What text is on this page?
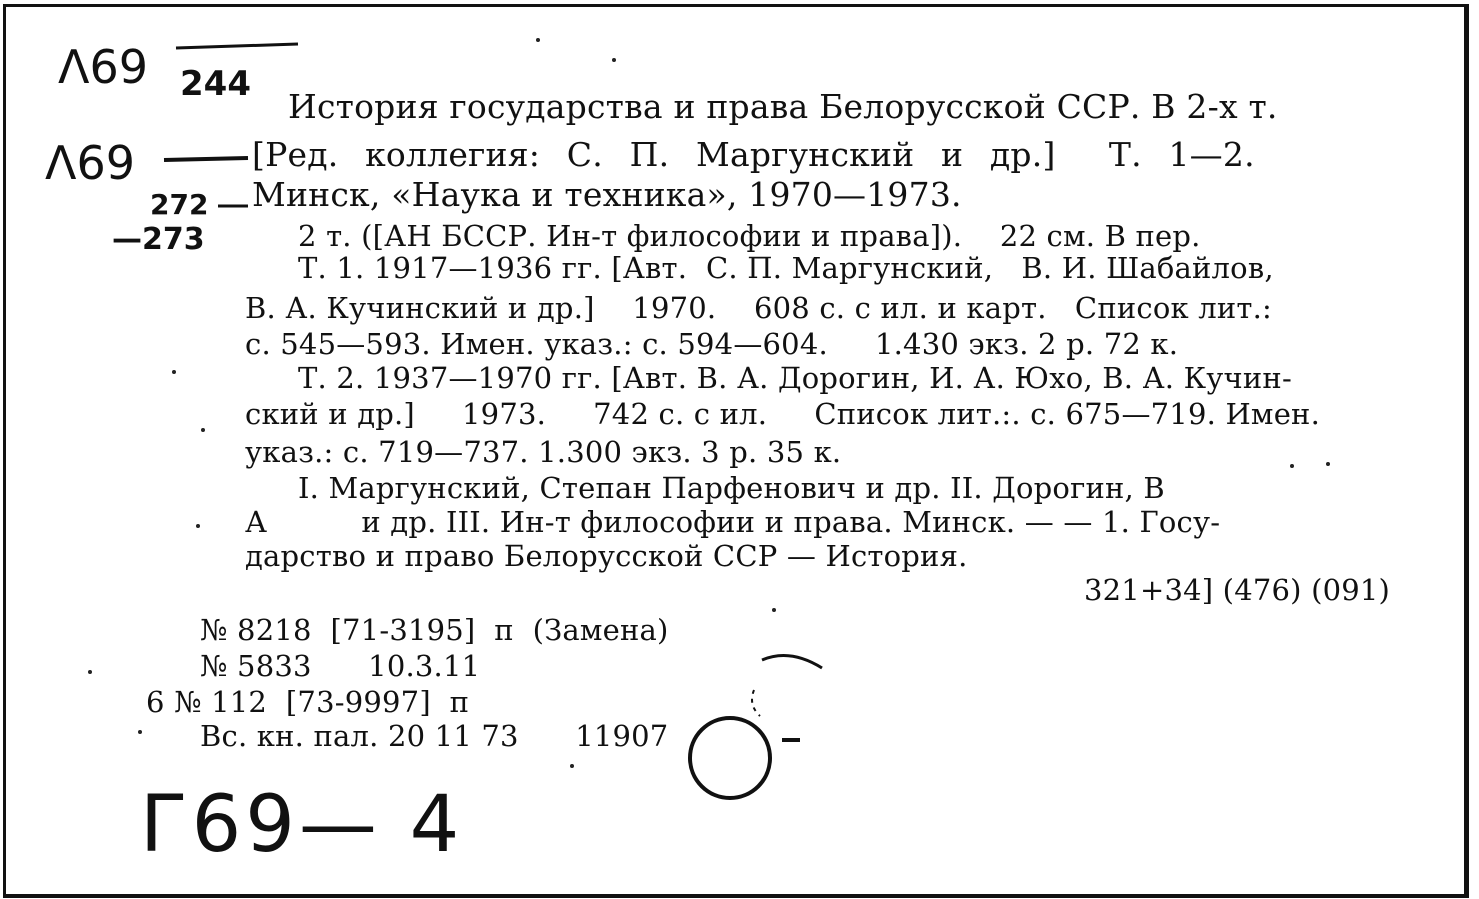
Λ69 244
Λ69
272
—273
Г69— 4
История государства и права Белорусской ССР. В 2-х т.
[Ред. коллегия: С. П. Маргунский и др.]  Т. 1—2.
Минск, «Наука и техника», 1970—1973.
2 т. ([АН БССР. Ин-т философии и права]).    22 см. В пер.
Т. 1. 1917—1936 гг. [Авт.  С. П. Маргунский,   В. И. Шабайлов,
В. А. Кучинский и др.]    1970.    608 с. с ил. и карт.   Список лит.:
с. 545—593. Имен. указ.: с. 594—604.     1.430 экз. 2 р. 72 к.
Т. 2. 1937—1970 гг. [Авт. В. А. Дорогин, И. А. Юхо, В. А. Кучин-
ский и др.]     1973.     742 с. с ил.     Список лит.:. с. 675—719. Имен.
указ.: с. 719—737. 1.300 экз. 3 р. 35 к.
I. Маргунский, Степан Парфенович и др. II. Дорогин, В
А          и др. III. Ин-т философии и права. Минск. — — 1. Госу-
дарство и право Белорусской ССР — История.
321+34] (476) (091)
№ 8218  [71-3195]  п  (Замена)
№ 5833      10.3.11
6 № 112  [73-9997]  п
Вс. кн. пал. 20 11 73      11907
